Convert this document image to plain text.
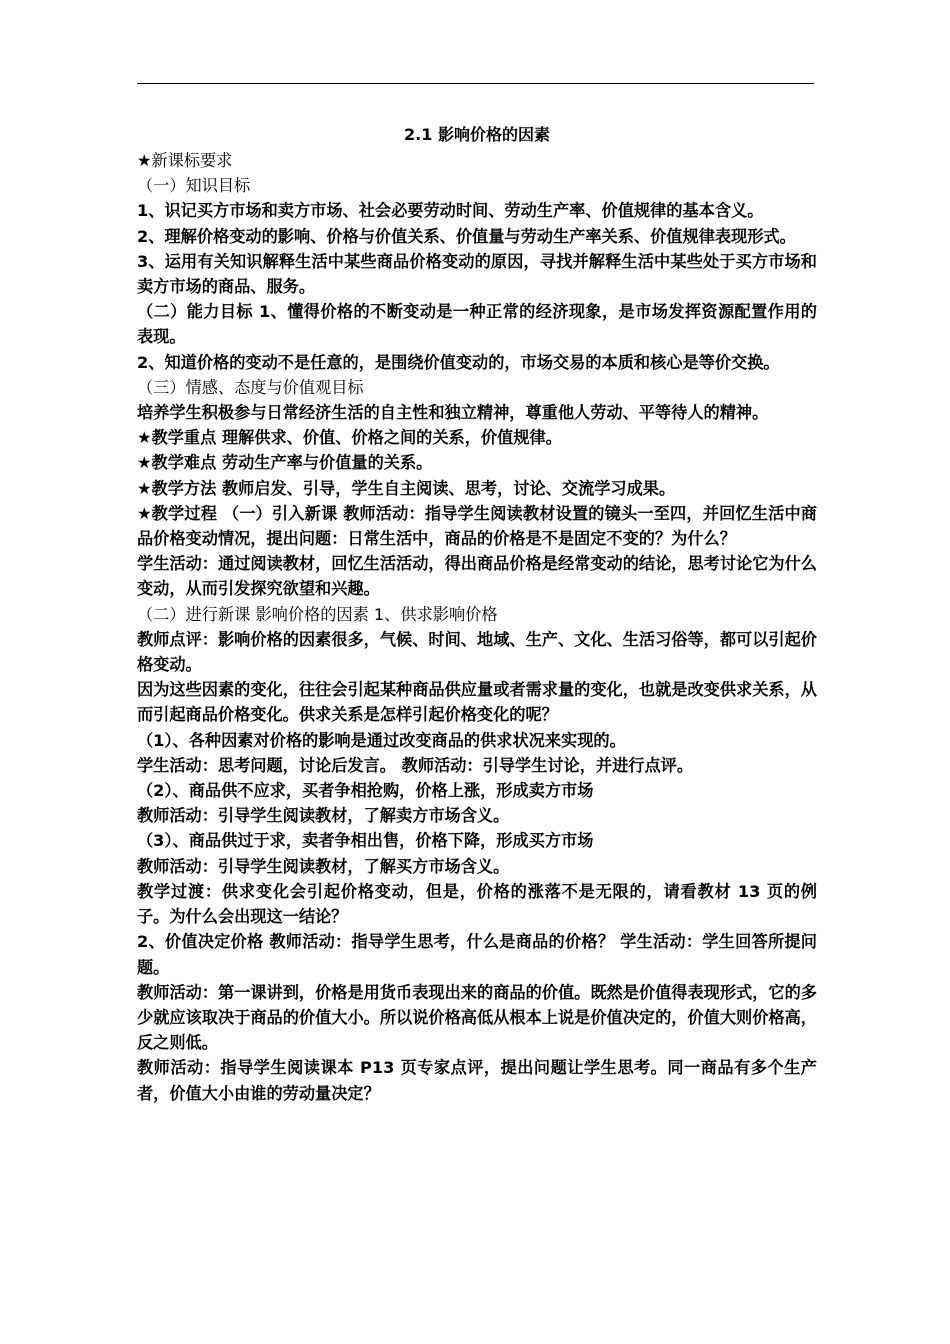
2.1 影响价格的因素

★新课标要求

（一）知识目标

1、识记买方市场和卖方市场、社会必要劳动时间、劳动生产率、价值规律的基本含义。

2、理解价格变动的影响、价格与价值关系、价值量与劳动生产率关系、价值规律表现形式。

3、运用有关知识解释生活中某些商品价格变动的原因，寻找并解释生活中某些处于买方市场和卖方市场的商品、服务。

（二）能力目标 1、懂得价格的不断变动是一种正常的经济现象，是市场发挥资源配置作用的表现。

2、知道价格的变动不是任意的，是围绕价值变动的，市场交易的本质和核心是等价交换。

（三）情感、态度与价值观目标

培养学生积极参与日常经济生活的自主性和独立精神，尊重他人劳动、平等待人的精神。

★教学重点 理解供求、价值、价格之间的关系，价值规律。

★教学难点 劳动生产率与价值量的关系。

★教学方法 教师启发、引导，学生自主阅读、思考，讨论、交流学习成果。

★教学过程 （一）引入新课 教师活动：指导学生阅读教材设置的镜头一至四，并回忆生活中商品价格变动情况，提出问题：日常生活中，商品的价格是不是固定不变的？为什么？

学生活动：通过阅读教材，回忆生活活动，得出商品价格是经常变动的结论，思考讨论它为什么变动，从而引发探究欲望和兴趣。

（二）进行新课 影响价格的因素 1、供求影响价格

教师点评：影响价格的因素很多，气候、时间、地域、生产、文化、生活习俗等，都可以引起价格变动。

因为这些因素的变化，往往会引起某种商品供应量或者需求量的变化，也就是改变供求关系，从而引起商品价格变化。供求关系是怎样引起价格变化的呢？

（1）、各种因素对价格的影响是通过改变商品的供求状况来实现的。

学生活动：思考问题，讨论后发言。 教师活动：引导学生讨论，并进行点评。

（2）、商品供不应求，买者争相抢购，价格上涨，形成卖方市场

教师活动：引导学生阅读教材，了解卖方市场含义。

（3）、商品供过于求，卖者争相出售，价格下降，形成买方市场

教师活动：引导学生阅读教材，了解买方市场含义。

教学过渡：供求变化会引起价格变动，但是，价格的涨落不是无限的，请看教材 13 页的例子。为什么会出现这一结论？

2、价值决定价格 教师活动：指导学生思考，什么是商品的价格？ 学生活动：学生回答所提问题。

教师活动：第一课讲到，价格是用货币表现出来的商品的价值。既然是价值得表现形式，它的多少就应该取决于商品的价值大小。所以说价格高低从根本上说是价值决定的，价值大则价格高，反之则低。

教师活动：指导学生阅读课本 P13 页专家点评，提出问题让学生思考。同一商品有多个生产者，价值大小由谁的劳动量决定？
